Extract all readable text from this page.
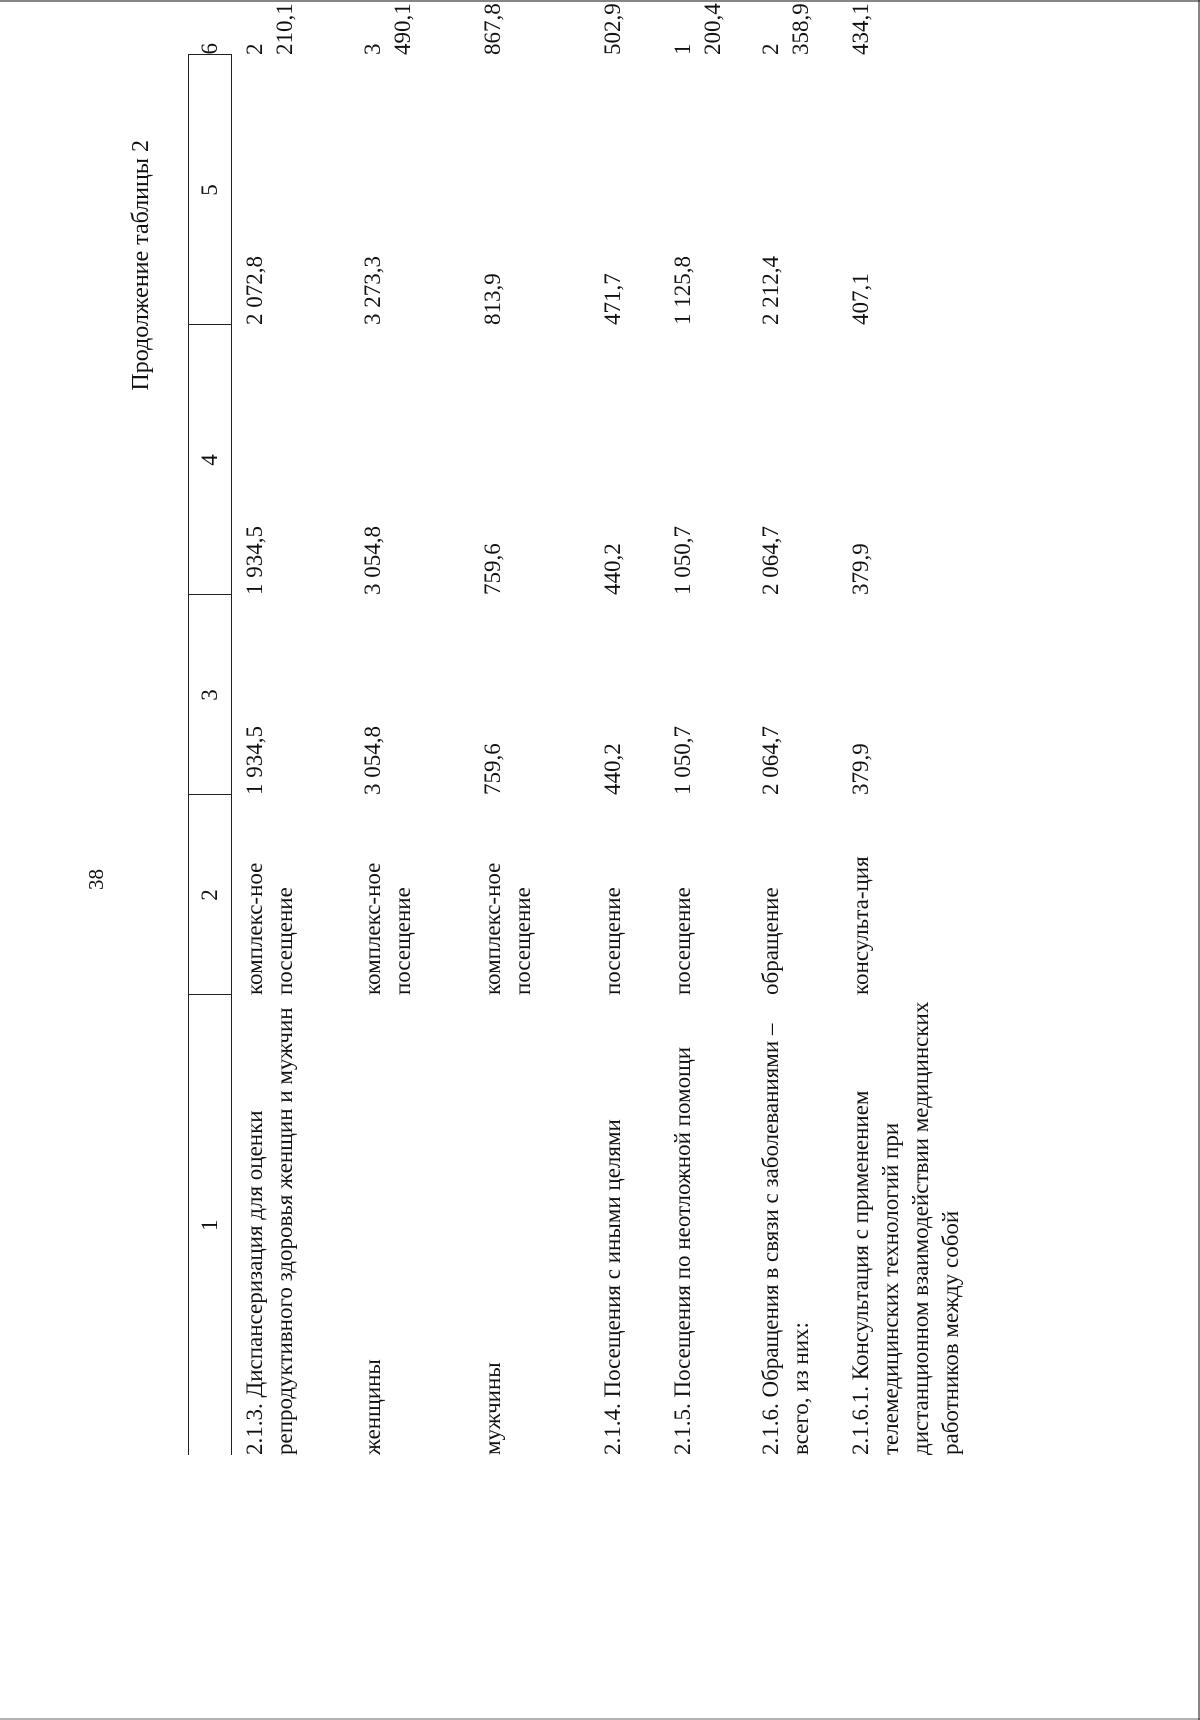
38
Продолжение таблицы 2
1	2	3	4	5	6
2.1.3. Диспансеризация для оценки репродуктивного здоровья женщин и мужчин	комплекс-ное посещение	1 934,5	1 934,5	2 072,8	2 210,1
женщины	комплекс-ное посещение	3 054,8	3 054,8	3 273,3	3 490,1
мужчины	комплекс-ное посещение	759,6	759,6	813,9	867,8
2.1.4. Посещения с иными целями	посещение	440,2	440,2	471,7	502,9
2.1.5. Посещения по неотложной помощи	посещение	1 050,7	1 050,7	1 125,8	1 200,4
2.1.6. Обращения в связи с заболеваниями – всего, из них:	обращение	2 064,7	2 064,7	2 212,4	2 358,9
2.1.6.1. Консультация с применением телемедицинских технологий при дистанционном взаимодействии медицинских работников между собой	консульта-ция	379,9	379,9	407,1	434,1
